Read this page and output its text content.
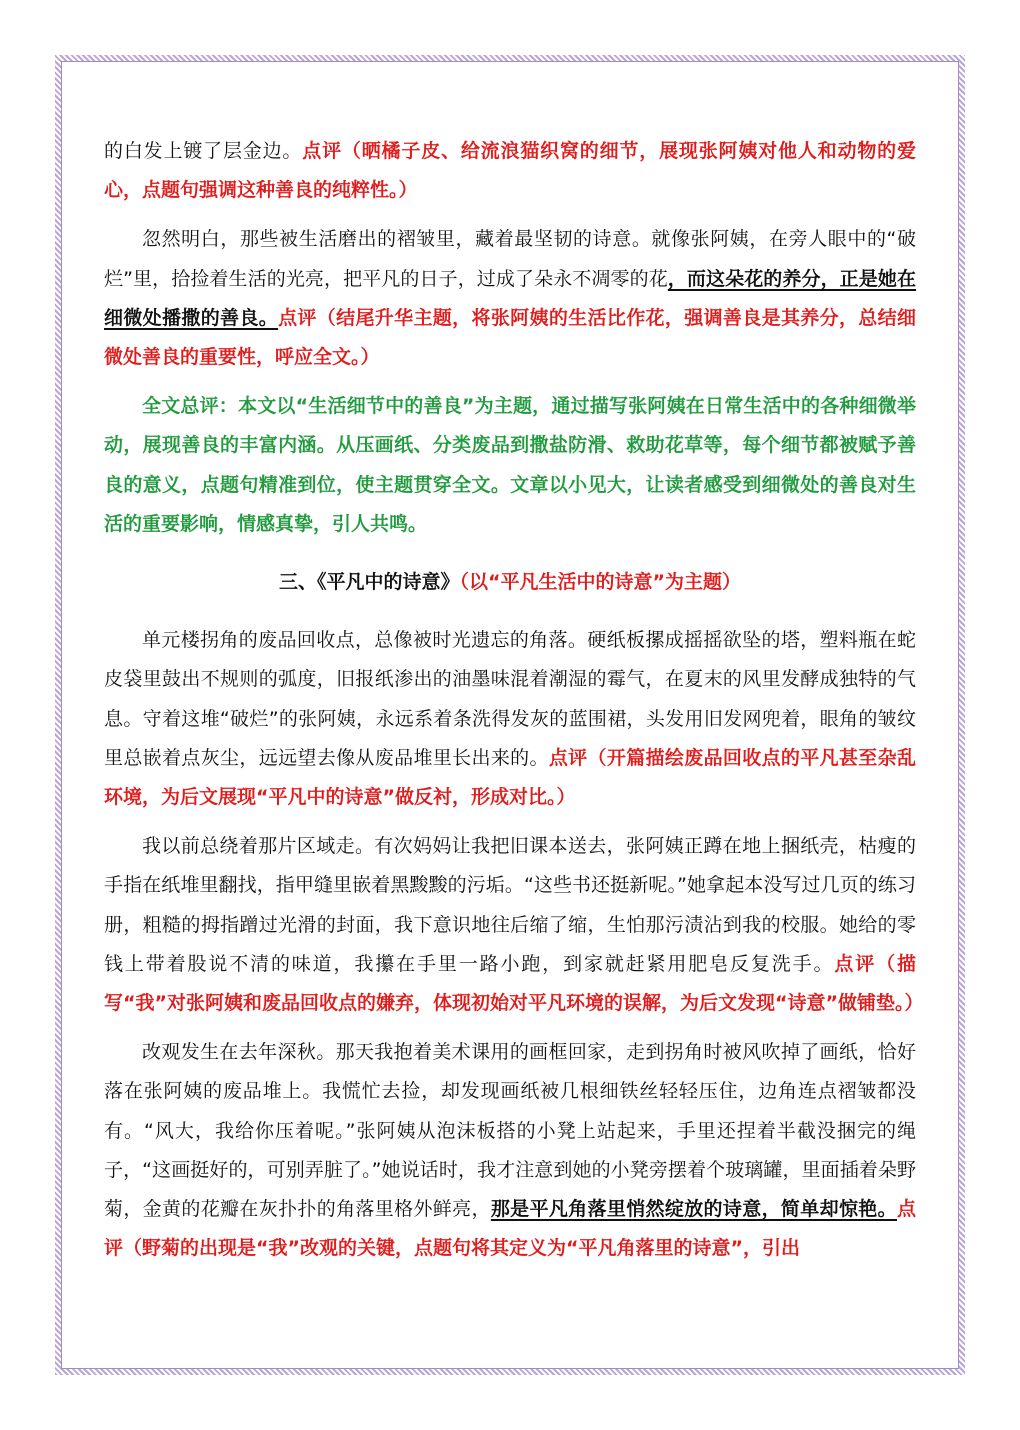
的白发上镀了层金边。点评（晒橘子皮、给流浪猫织窝的细节，展现张阿姨对他人和动物的爱心，点题句强调这种善良的纯粹性。）

忽然明白，那些被生活磨出的褶皱里，藏着最坚韧的诗意。就像张阿姨，在旁人眼中的“破烂”里，拾捡着生活的光亮，把平凡的日子，过成了朵永不凋零的花，而这朵花的养分，正是她在细微处播撒的善良。点评（结尾升华主题，将张阿姨的生活比作花，强调善良是其养分，总结细微处善良的重要性，呼应全文。）

全文总评：本文以“生活细节中的善良”为主题，通过描写张阿姨在日常生活中的各种细微举动，展现善良的丰富内涵。从压画纸、分类废品到撒盐防滑、救助花草等，每个细节都被赋予善良的意义，点题句精准到位，使主题贯穿全文。文章以小见大，让读者感受到细微处的善良对生活的重要影响，情感真挚，引人共鸣。

三、《平凡中的诗意》（以“平凡生活中的诗意”为主题）

单元楼拐角的废品回收点，总像被时光遗忘的角落。硬纸板摞成摇摇欲坠的塔，塑料瓶在蛇皮袋里鼓出不规则的弧度，旧报纸渗出的油墨味混着潮湿的霉气，在夏末的风里发酵成独特的气息。守着这堆“破烂”的张阿姨，永远系着条洗得发灰的蓝围裙，头发用旧发网兜着，眼角的皱纹里总嵌着点灰尘，远远望去像从废品堆里长出来的。点评（开篇描绘废品回收点的平凡甚至杂乱环境，为后文展现“平凡中的诗意”做反衬，形成对比。）

我以前总绕着那片区域走。有次妈妈让我把旧课本送去，张阿姨正蹲在地上捆纸壳，枯瘦的手指在纸堆里翻找，指甲缝里嵌着黑黢黢的污垢。“这些书还挺新呢。”她拿起本没写过几页的练习册，粗糙的拇指蹭过光滑的封面，我下意识地往后缩了缩，生怕那污渍沾到我的校服。她给的零钱上带着股说不清的味道，我攥在手里一路小跑，到家就赶紧用肥皂反复洗手。点评（描写“我”对张阿姨和废品回收点的嫌弃，体现初始对平凡环境的误解，为后文发现“诗意”做铺垫。）

改观发生在去年深秋。那天我抱着美术课用的画框回家，走到拐角时被风吹掉了画纸，恰好落在张阿姨的废品堆上。我慌忙去捡，却发现画纸被几根细铁丝轻轻压住，边角连点褶皱都没有。“风大，我给你压着呢。”张阿姨从泡沫板搭的小凳上站起来，手里还捏着半截没捆完的绳子，“这画挺好的，可别弄脏了。”她说话时，我才注意到她的小凳旁摆着个玻璃罐，里面插着朵野菊，金黄的花瓣在灰扑扑的角落里格外鲜亮，那是平凡角落里悄然绽放的诗意，简单却惊艳。点评（野菊的出现是“我”改观的关键，点题句将其定义为“平凡角落里的诗意”，引出
